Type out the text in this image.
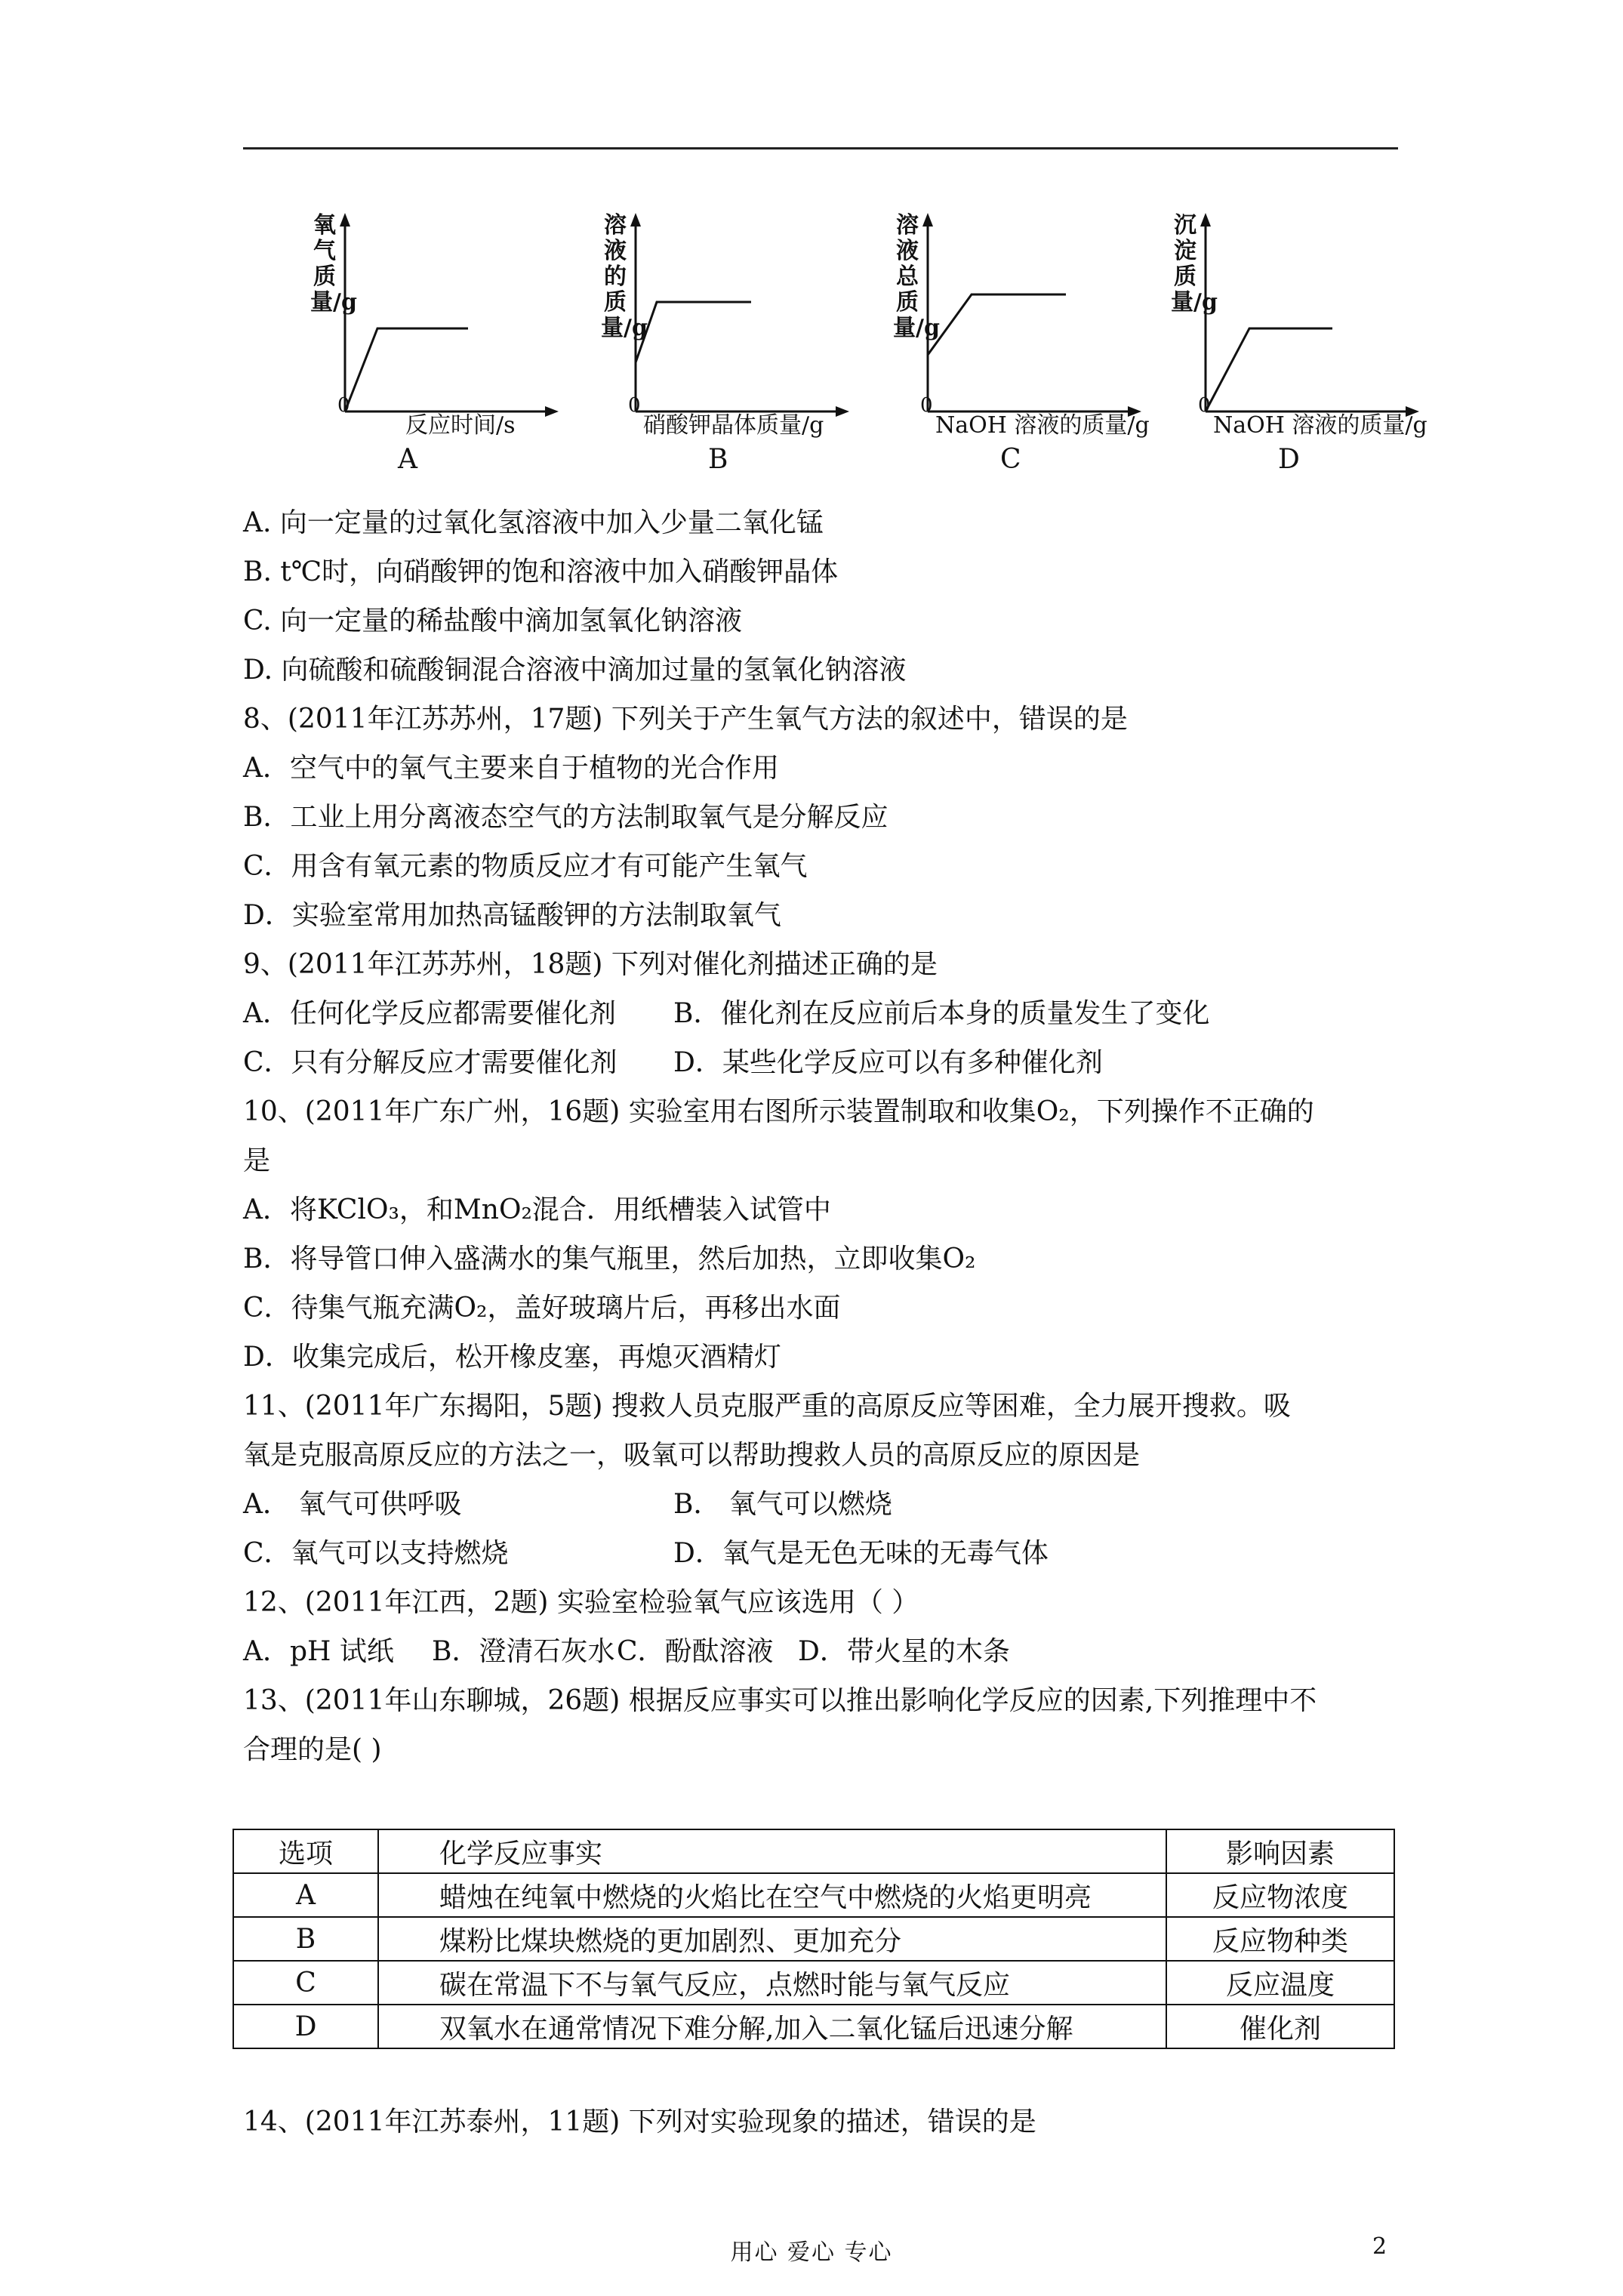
氧气质量/g
0
反应时间/s
A
溶液的质量/g
0
硝酸钾晶体质量/g
B
溶液总质量/g
0
NaOH 溶液的质量/g
C
沉淀质量/g
0
NaOH 溶液的质量/g
D
A. 向一定量的过氧化氢溶液中加入少量二氧化锰
B. t℃时，向硝酸钾的饱和溶液中加入硝酸钾晶体
C. 向一定量的稀盐酸中滴加氢氧化钠溶液
D. 向硫酸和硫酸铜混合溶液中滴加过量的氢氧化钠溶液
8、(2011年江苏苏州，17题) 下列关于产生氧气方法的叙述中，错误的是
A．空气中的氧气主要来自于植物的光合作用
B．工业上用分离液态空气的方法制取氧气是分解反应
C．用含有氧元素的物质反应才有可能产生氧气
D．实验室常用加热高锰酸钾的方法制取氧气
9、(2011年江苏苏州，18题) 下列对催化剂描述正确的是
A．任何化学反应都需要催化剂 B．催化剂在反应前后本身的质量发生了变化
C．只有分解反应才需要催化剂 D．某些化学反应可以有多种催化剂
10、(2011年广东广州，16题) 实验室用右图所示装置制取和收集O₂，下列操作不正确的
是
A．将KClO₃，和MnO₂混合．用纸槽装入试管中
B．将导管口伸入盛满水的集气瓶里，然后加热，立即收集O₂
C．待集气瓶充满O₂，盖好玻璃片后，再移出水面
D．收集完成后，松开橡皮塞，再熄灭酒精灯
11、(2011年广东揭阳，5题) 搜救人员克服严重的高原反应等困难，全力展开搜救。吸
氧是克服高原反应的方法之一，吸氧可以帮助搜救人员的高原反应的原因是
A． 氧气可供呼吸	B． 氧气可以燃烧
C．氧气可以支持燃烧	D．氧气是无色无味的无毒气体
12、(2011年江西，2题) 实验室检验氧气应该选用（ ）
A．pH 试纸 B．澄清石灰水 C．酚酞溶液 D．带火星的木条
13、(2011年山东聊城，26题) 根据反应事实可以推出影响化学反应的因素,下列推理中不
合理的是( )
选项	化学反应事实	影响因素
A	蜡烛在纯氧中燃烧的火焰比在空气中燃烧的火焰更明亮	反应物浓度
B	煤粉比煤块燃烧的更加剧烈、更加充分	反应物种类
C	碳在常温下不与氧气反应，点燃时能与氧气反应	反应温度
D	双氧水在通常情况下难分解,加入二氧化锰后迅速分解	催化剂
14、(2011年江苏泰州，11题) 下列对实验现象的描述，错误的是
用心 爱心 专心	2
